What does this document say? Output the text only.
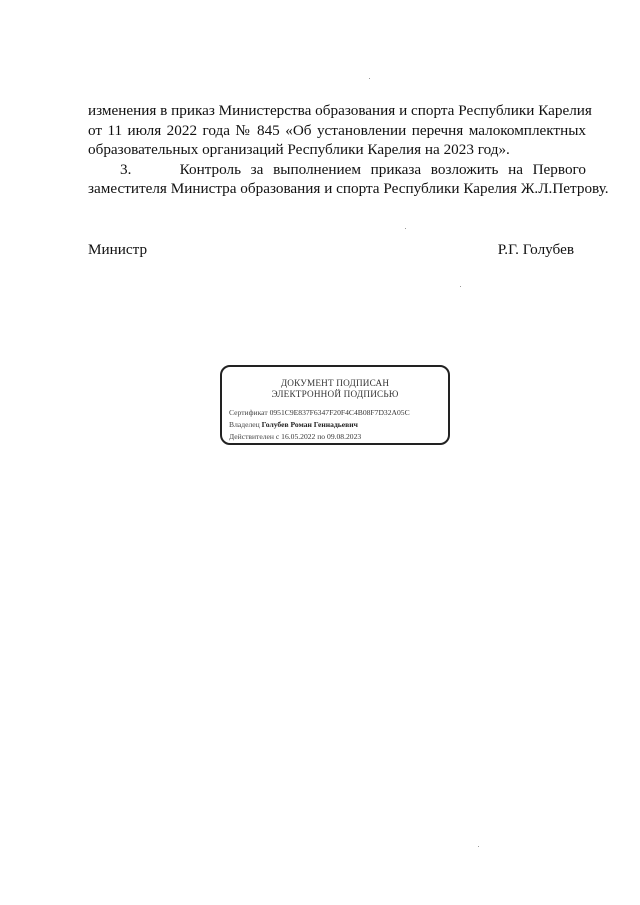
изменения в приказ Министерства образования и спорта Республики Карелия
от 11 июля 2022 года № 845 «Об установлении перечня малокомплектных
образовательных организаций Республики Карелия на 2023 год».
3.	Контроль за выполнением приказа возложить на Первого
заместителя Министра образования и спорта Республики Карелия Ж.Л.Петрову.
Министр	Р.Г. Голубев
ДОКУМЕНТ ПОДПИСАН
ЭЛЕКТРОННОЙ ПОДПИСЬЮ
Сертификат 0951С9Е837F6347F20F4С4В08F7D32A05С
Владелец Голубев Роман Геннадьевич
Действителен с 16.05.2022 по 09.08.2023
